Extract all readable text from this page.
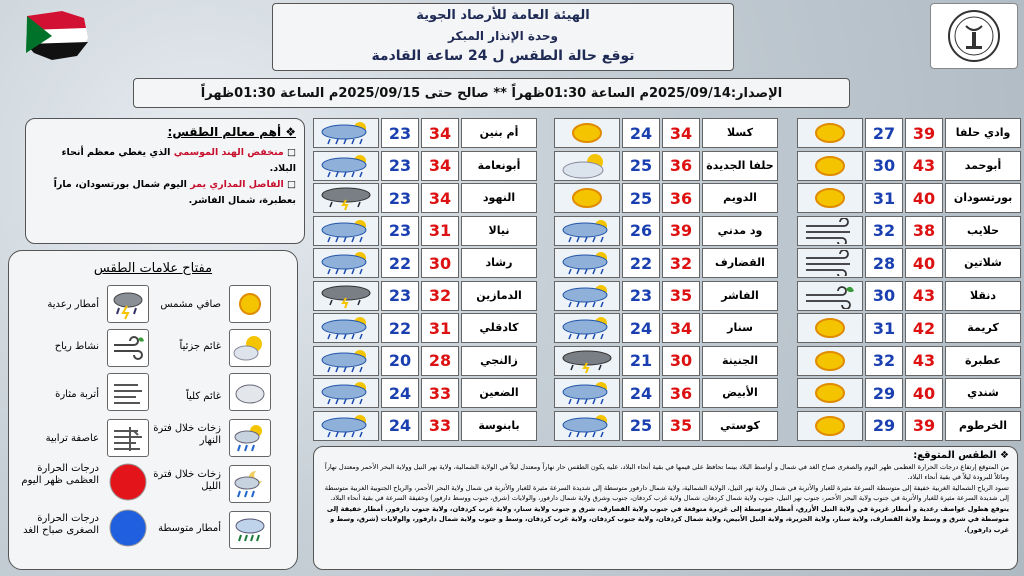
الهيئة العامة للأرصاد الجوية
وحدة الإنذار المبكر
توقع حالة الطقس ل 24 ساعة القادمة
الإصدار:2025/09/14م الساعة 01:30ظهراً ** صالح حتى 2025/09/15م الساعة 01:30ظهراً
❖ أهم معالم الطقس:
□ منخفض الهند الموسمي الذي يغطي معظم أنحاء البلاد.
□ الفاصل المداري يمر اليوم شمال بورتسودان، ماراً بعطبرة، شمال الفاشر.
مفتاح علامات الطقس
صافي مشمس
غائم جزئياً
غائم كلياً
زخات خلال فترة النهار
زخات خلال فترة الليل
أمطار متوسطة
أمطار رعدية
نشاط رياح
أتربة مثارة
عاصفة ترابية
درجات الحرارة العظمى ظهر اليوم
درجات الحرارة الصغرى صباح الغد
23	34	أم بنين
23	34	أبونعامة
23	34	النهود
23	31	نيالا
22	30	رشاد
23	32	الدمازين
22	31	كادقلي
20	28	زالنجي
24	33	الضعين
24	33	بابنوسة
24	34	كسلا
25	36	حلفا الجديدة
25	36	الدويم
26	39	ود مدني
22	32	القضارف
23	35	الفاشر
24	34	سنار
21	30	الجنينة
24	36	الأبيض
25	35	كوستي
27	39	وادي حلفا
30	43	أبوحمد
31	40	بورتسودان
32	38	حلايب
28	40	شلاتين
30	43	دنقلا
31	42	كريمة
32	43	عطبرة
29	40	شندي
29	39	الخرطوم
❖ الطقس المتوقع:
من المتوقع إرتفاع درجات الحرارة العظمى ظهر اليوم والصغرى صباح الغد في شمال و أواسط البلاد بينما تحافظ على قيمها في بقية أنحاء البلاد، عليه يكون الطقس حار نهاراً ومعتدل ليلاً في الولاية الشمالية، ولاية نهر النيل وولاية البحر الأحمر ومعتدل نهاراً ومائلاً للبرودة ليلاً في بقية أنحاء البلاد.
تسود الرياح الشمالية الغربية خفيفة إلى متوسطة السرعة مثيرة للغبار والأتربة في شمال ولاية نهر النيل، الولاية الشمالية، ولاية شمال دارفور متوسطة إلى شديدة السرعة مثيرة للغبار والأتربة في شمال ولاية البحر الأحمر، والرياح الجنوبية الغربية متوسطة إلى شديدة السرعة مثيرة للغبار والأتربة في جنوب ولاية البحر الأحمر، جنوب نهر النيل، جنوب ولاية شمال كردفان، شمال ولاية غرب كردفان، جنوب وشرق ولاية شمال دارفور، والولايات (شرق، جنوب ووسط دارفور) وخفيفة السرعة في بقية أنحاء البلاد.
يتوقع هطول عواصف رعدية و أمطار غزيرة في ولاية النيل الأزرق، أمطار متوسطة إلى غزيرة متوقعة في جنوب ولاية القضارف، شرق و جنوب ولاية سنار، ولاية غرب كردفان، ولاية جنوب دارفور. أمطار خفيفة إلى متوسطة في شرق و وسط ولاية القضارف، ولاية سنار، ولاية الجزيرة، ولاية النيل الأبيض، ولاية شمال كردفان، ولاية جنوب كردفان، ولاية غرب كردفان، وسط و جنوب ولاية شمال دارفور، والولايات (شرق، وسط و غرب دارفور).
